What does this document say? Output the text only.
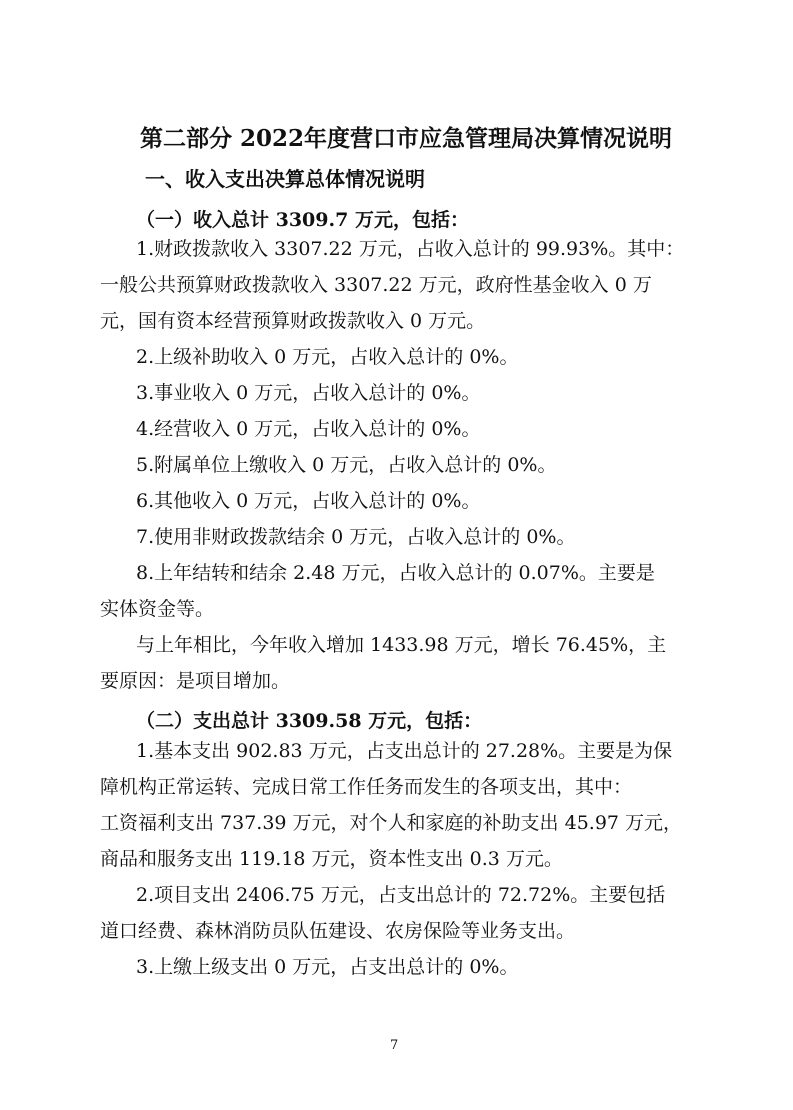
第二部分 2022年度营口市应急管理局决算情况说明
一、收入支出决算总体情况说明
（一）收入总计 3309.7 万元，包括：
1.财政拨款收入 3307.22 万元，占收入总计的 99.93%。其中：
一般公共预算财政拨款收入 3307.22 万元，政府性基金收入 0 万
元，国有资本经营预算财政拨款收入 0 万元。
2.上级补助收入 0 万元，占收入总计的 0%。
3.事业收入 0 万元，占收入总计的 0%。
4.经营收入 0 万元，占收入总计的 0%。
5.附属单位上缴收入 0 万元，占收入总计的 0%。
6.其他收入 0 万元，占收入总计的 0%。
7.使用非财政拨款结余 0 万元，占收入总计的 0%。
8.上年结转和结余 2.48 万元，占收入总计的 0.07%。主要是
实体资金等。
与上年相比，今年收入增加 1433.98 万元，增长 76.45%，主
要原因：是项目增加。
（二）支出总计 3309.58 万元，包括：
1.基本支出 902.83 万元，占支出总计的 27.28%。主要是为保
障机构正常运转、完成日常工作任务而发生的各项支出，其中：
工资福利支出 737.39 万元，对个人和家庭的补助支出 45.97 万元，
商品和服务支出 119.18 万元，资本性支出 0.3 万元。
2.项目支出 2406.75 万元，占支出总计的 72.72%。主要包括
道口经费、森林消防员队伍建设、农房保险等业务支出。
3.上缴上级支出 0 万元，占支出总计的 0%。
7
